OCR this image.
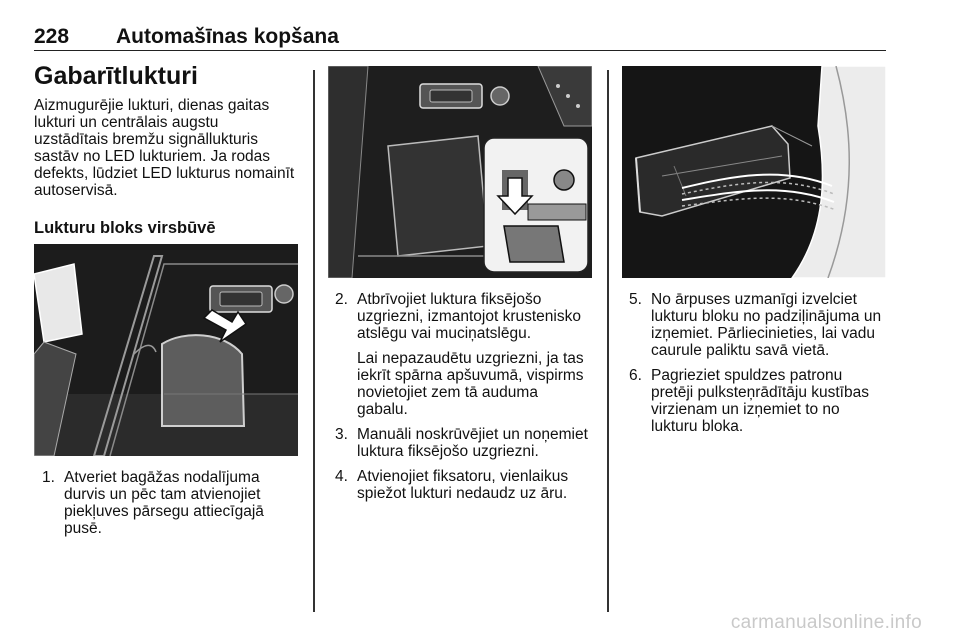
228 Automašīnas kopšana
Gabarītlukturi
Aizmugurējie lukturi, dienas gaitas
lukturi un centrālais augstu
uzstādītais bremžu signāllukturis
sastāv no LED lukturiem. Ja rodas
defekts, lūdziet LED lukturus nomainīt
autoservisā.
Lukturu bloks virsbūvē
1. Atveriet bagāžas nodalījuma
durvis un pēc tam atvienojiet
piekļuves pārsegu attiecīgajā
pusē.

2. Atbrīvojiet luktura fiksējošo
uzgriezni, izmantojot krustenisko
atslēgu vai muciņatslēgu.

Lai nepazaudētu uzgriezni, ja tas
iekrīt spārna apšuvumā, vispirms
novietojiet zem tā auduma
gabalu.

3. Manuāli noskrūvējiet un noņemiet
luktura fiksējošo uzgriezni.

4. Atvienojiet fiksatoru, vienlaikus
spiežot lukturi nedaudz uz āru.

5. No ārpuses uzmanīgi izvelciet
lukturu bloku no padziļinājuma un
izņemiet. Pārliecinieties, lai vadu
caurule paliktu savā vietā.

6. Pagrieziet spuldzes patronu
pretēji pulksteņrādītāju kustības
virzienam un izņemiet to no
lukturu bloka.

carmanualsonline.info
